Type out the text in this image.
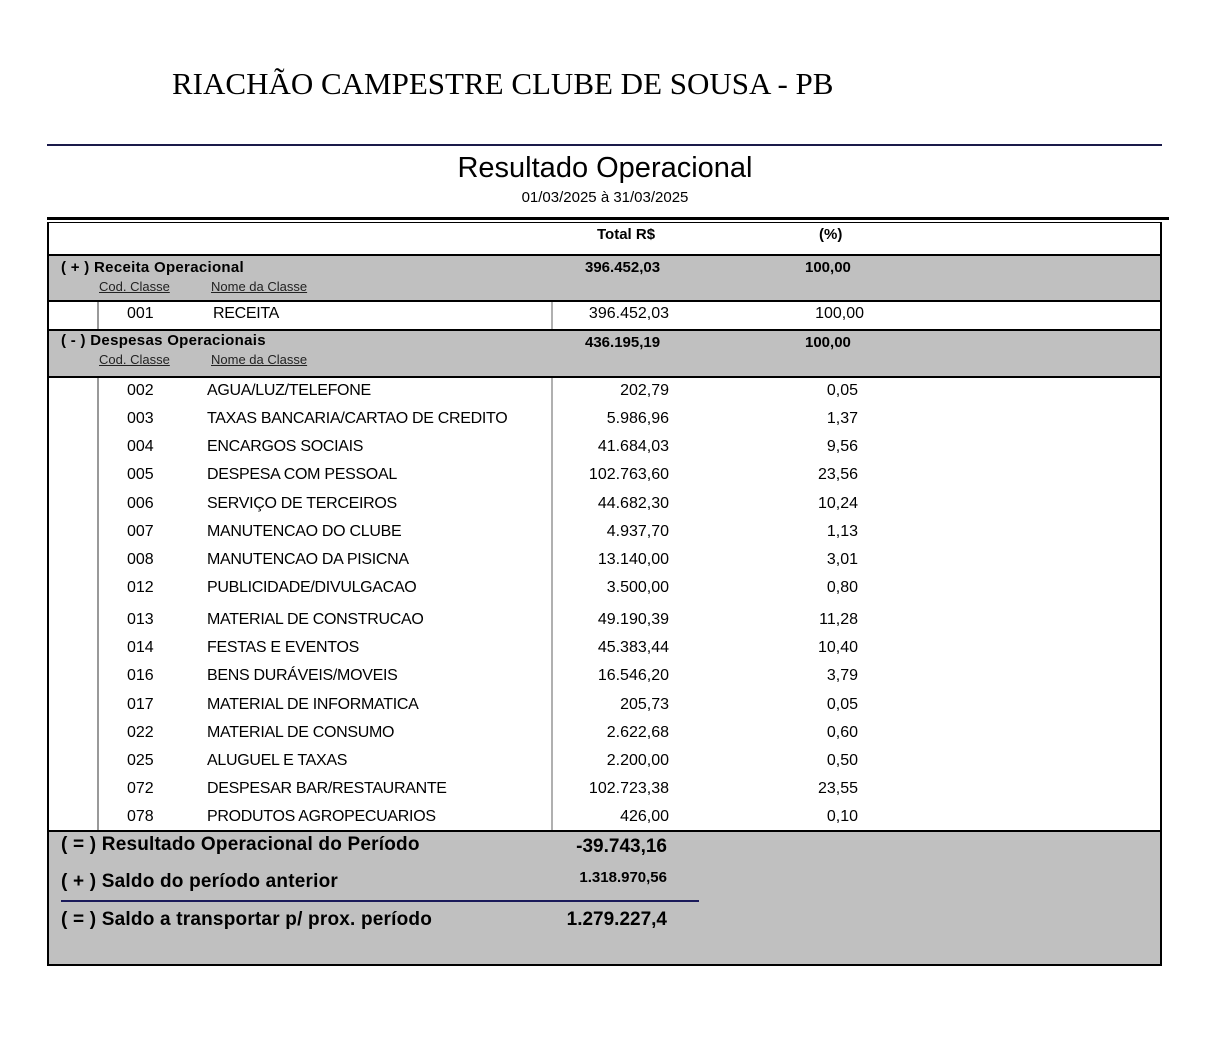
RIACHÃO CAMPESTRE CLUBE DE SOUSA - PB
Resultado Operacional
01/03/2025 à 31/03/2025
Total R$	(%)
( + ) Receita Operacional	396.452,03	100,00
Cod. Classe	Nome da Classe
001	RECEITA	396.452,03	100,00
( - ) Despesas Operacionais	436.195,19	100,00
Cod. Classe	Nome da Classe
002	AGUA/LUZ/TELEFONE	202,79	0,05
003	TAXAS BANCARIA/CARTAO DE CREDITO	5.986,96	1,37
004	ENCARGOS SOCIAIS	41.684,03	9,56
005	DESPESA COM PESSOAL	102.763,60	23,56
006	SERVIÇO DE TERCEIROS	44.682,30	10,24
007	MANUTENCAO DO CLUBE	4.937,70	1,13
008	MANUTENCAO DA PISICNA	13.140,00	3,01
012	PUBLICIDADE/DIVULGACAO	3.500,00	0,80
013	MATERIAL DE CONSTRUCAO	49.190,39	11,28
014	FESTAS E EVENTOS	45.383,44	10,40
016	BENS DURÁVEIS/MOVEIS	16.546,20	3,79
017	MATERIAL DE INFORMATICA	205,73	0,05
022	MATERIAL DE CONSUMO	2.622,68	0,60
025	ALUGUEL E TAXAS	2.200,00	0,50
072	DESPESAR BAR/RESTAURANTE	102.723,38	23,55
078	PRODUTOS AGROPECUARIOS	426,00	0,10
( = ) Resultado Operacional do Período	-39.743,16
( + ) Saldo do período anterior	1.318.970,56
( = ) Saldo a transportar p/ prox. período	1.279.227,4
